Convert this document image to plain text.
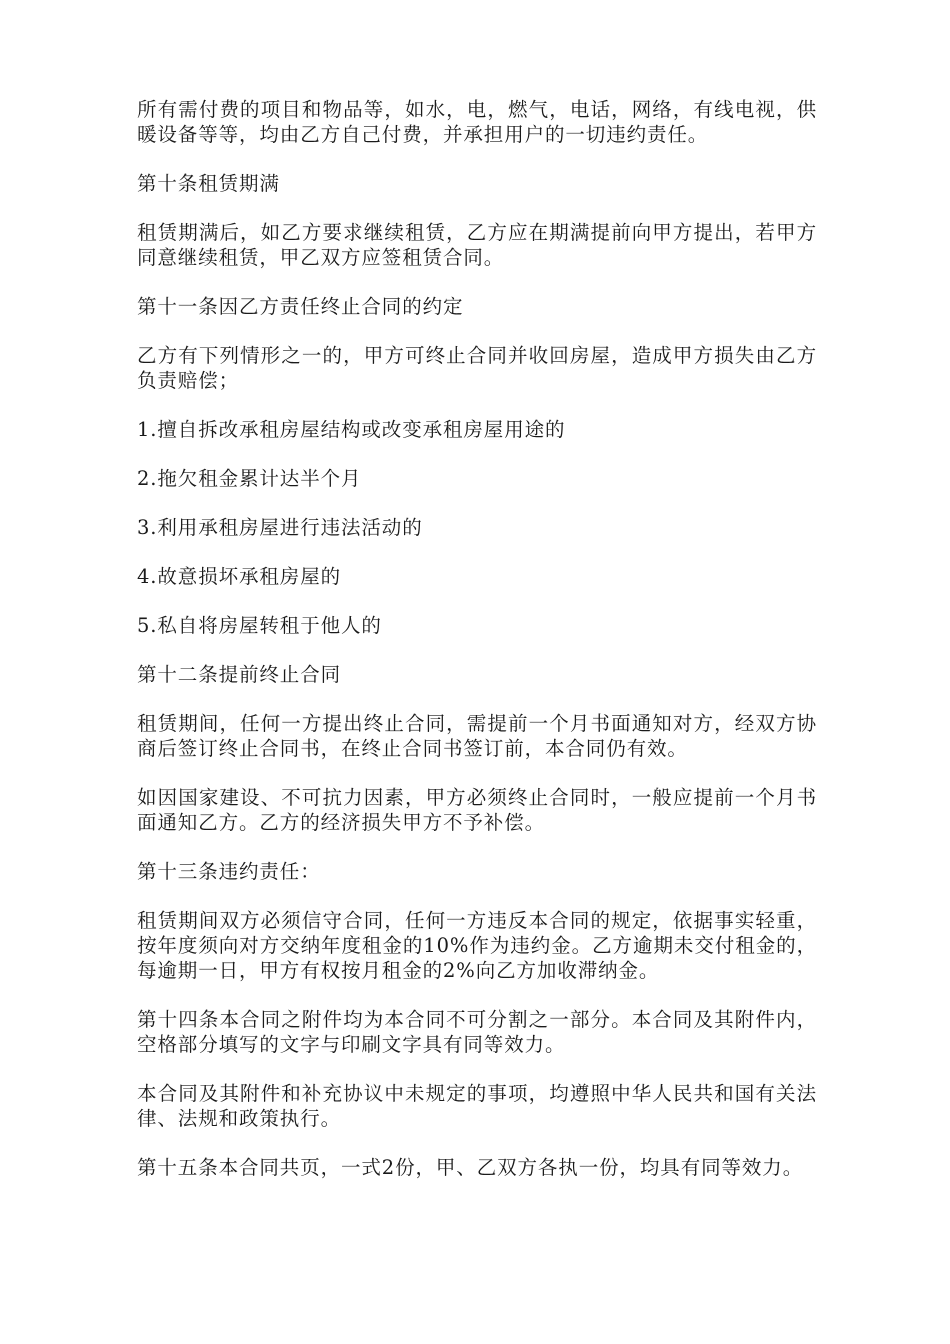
所有需付费的项目和物品等，如水，电，燃气，电话，网络，有线电视，供暖设备等等，均由乙方自己付费，并承担用户的一切违约责任。

第十条租赁期满

租赁期满后，如乙方要求继续租赁，乙方应在期满提前向甲方提出，若甲方同意继续租赁，甲乙双方应签租赁合同。

第十一条因乙方责任终止合同的约定

乙方有下列情形之一的，甲方可终止合同并收回房屋，造成甲方损失由乙方负责赔偿；

1.擅自拆改承租房屋结构或改变承租房屋用途的

2.拖欠租金累计达半个月

3.利用承租房屋进行违法活动的

4.故意损坏承租房屋的

5.私自将房屋转租于他人的

第十二条提前终止合同

租赁期间，任何一方提出终止合同，需提前一个月书面通知对方，经双方协商后签订终止合同书，在终止合同书签订前，本合同仍有效。

如因国家建设、不可抗力因素，甲方必须终止合同时，一般应提前一个月书面通知乙方。乙方的经济损失甲方不予补偿。

第十三条违约责任：

租赁期间双方必须信守合同，任何一方违反本合同的规定，依据事实轻重，按年度须向对方交纳年度租金的10%作为违约金。乙方逾期未交付租金的，每逾期一日，甲方有权按月租金的2%向乙方加收滞纳金。

第十四条本合同之附件均为本合同不可分割之一部分。本合同及其附件内，空格部分填写的文字与印刷文字具有同等效力。

本合同及其附件和补充协议中未规定的事项，均遵照中华人民共和国有关法律、法规和政策执行。

第十五条本合同共页，一式2份，甲、乙双方各执一份，均具有同等效力。
